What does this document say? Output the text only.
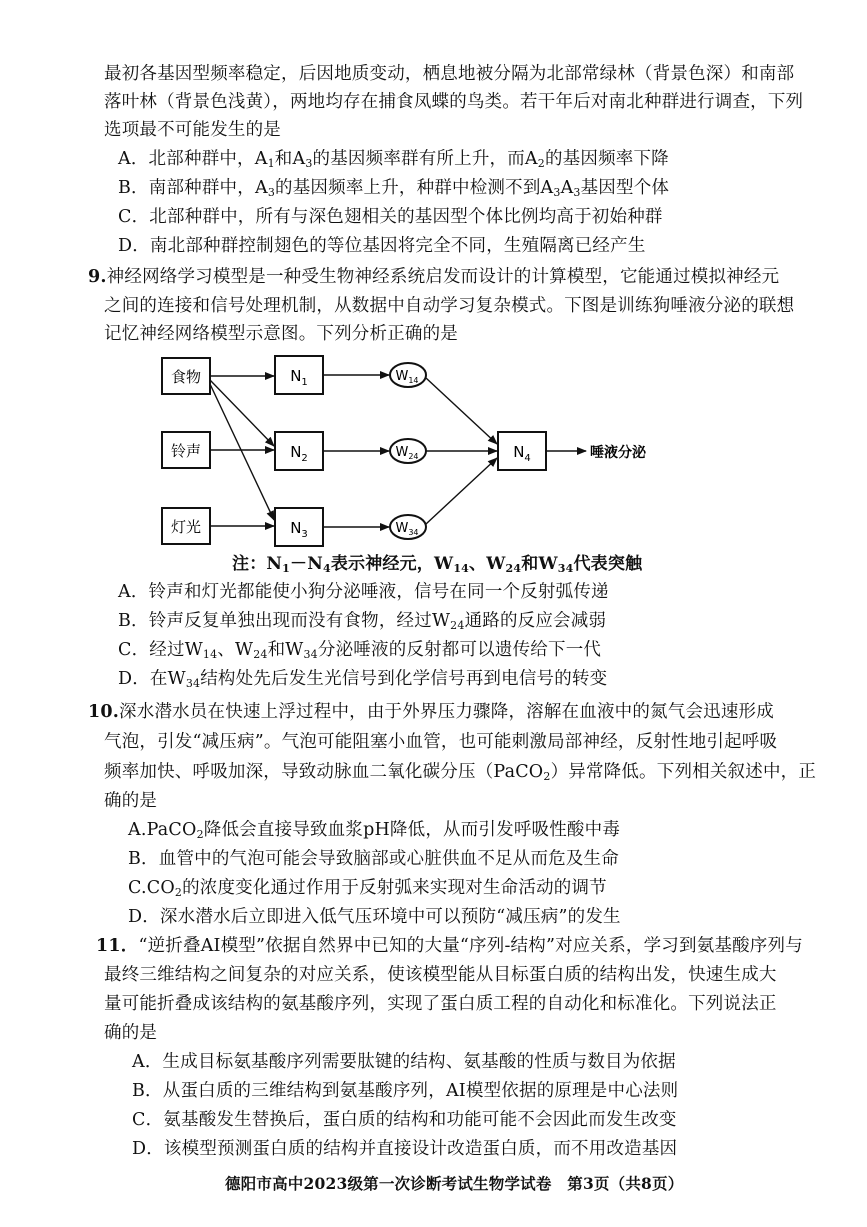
最初各基因型频率稳定，后因地质变动，栖息地被分隔为北部常绿林（背景色深）和南部
落叶林（背景色浅黄），两地均存在捕食凤蝶的鸟类。若干年后对南北种群进行调查，下列
选项最不可能发生的是
A．北部种群中，$A_1$和$A_3$的基因频率群有所上升，而$A_2$的基因频率下降
B．南部种群中，$A_3$的基因频率上升，种群中检测不到$A_3A_3$基因型个体
C．北部种群中，所有与深色翅相关的基因型个体比例均高于初始种群
D．南北部种群控制翅色的等位基因将完全不同，生殖隔离已经产生
9.神经网络学习模型是一种受生物神经系统启发而设计的计算模型，它能通过模拟神经元
之间的连接和信号处理机制，从数据中自动学习复杂模式。下图是训练狗唾液分泌的联想
记忆神经网络模型示意图。下列分析正确的是
食物
铃声
灯光
$N_1$
$N_2$
$N_3$
$W_{14}$
$W_{24}$
$W_{34}$
$N_4$	唾液分泌
注：$N_1-N_4$表示神经元，$W_{14}$、$W_{24}$和$W_{34}$代表突触
A．铃声和灯光都能使小狗分泌唾液，信号在同一个反射弧传递
B．铃声反复单独出现而没有食物，经过$W_{24}$通路的反应会减弱
C．经过$W_{14}$、$W_{24}$和$W_{34}$分泌唾液的反射都可以遗传给下一代
D．在$W_{34}$结构处先后发生光信号到化学信号再到电信号的转变
10.深水潜水员在快速上浮过程中，由于外界压力骤降，溶解在血液中的氮气会迅速形成
气泡，引发“减压病”。气泡可能阻塞小血管，也可能刺激局部神经，反射性地引起呼吸
频率加快、呼吸加深，导致动脉血二氧化碳分压（PaCO$_2$）异常降低。下列相关叙述中，正
确的是
A.PaCO$_2$降低会直接导致血浆pH降低，从而引发呼吸性酸中毒
B．血管中的气泡可能会导致脑部或心脏供血不足从而危及生命
$C.CO_2$的浓度变化通过作用于反射弧来实现对生命活动的调节
D．深水潜水后立即进入低气压环境中可以预防“减压病”的发生
11．“逆折叠AI模型”依据自然界中已知的大量“序列-结构”对应关系，学习到氨基酸序列与
最终三维结构之间复杂的对应关系，使该模型能从目标蛋白质的结构出发，快速生成大
量可能折叠成该结构的氨基酸序列，实现了蛋白质工程的自动化和标准化。下列说法正
确的是
A．生成目标氨基酸序列需要肽键的结构、氨基酸的性质与数目为依据
B．从蛋白质的三维结构到氨基酸序列，AI模型依据的原理是中心法则
C．氨基酸发生替换后，蛋白质的结构和功能可能不会因此而发生改变
D．该模型预测蛋白质的结构并直接设计改造蛋白质，而不用改造基因
德阳市高中2023级第一次诊断考试生物学试卷　第3页（共8页）
